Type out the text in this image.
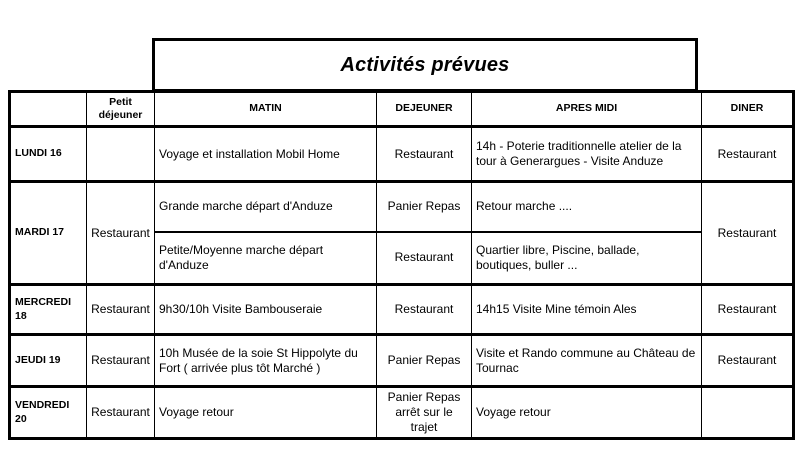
Activités prévues
	Petit déjeuner	MATIN	DEJEUNER	APRES MIDI	DINER
LUNDI 16		Voyage et installation Mobil Home	Restaurant	14h - Poterie traditionnelle atelier de la tour à Generargues - Visite Anduze	Restaurant
MARDI 17	Restaurant	Grande marche départ d'Anduze	Panier Repas	Retour marche ....	Restaurant
		Petite/Moyenne marche départ d'Anduze	Restaurant	Quartier libre, Piscine, ballade, boutiques, buller ...	
MERCREDI 18	Restaurant	9h30/10h Visite Bambouseraie	Restaurant	14h15 Visite Mine témoin Ales	Restaurant
JEUDI 19	Restaurant	10h Musée de la soie St Hippolyte du Fort ( arrivée plus tôt Marché )	Panier Repas	Visite et Rando commune au Château de Tournac	Restaurant
VENDREDI 20	Restaurant	Voyage retour	Panier Repas arrêt sur le trajet	Voyage retour	
